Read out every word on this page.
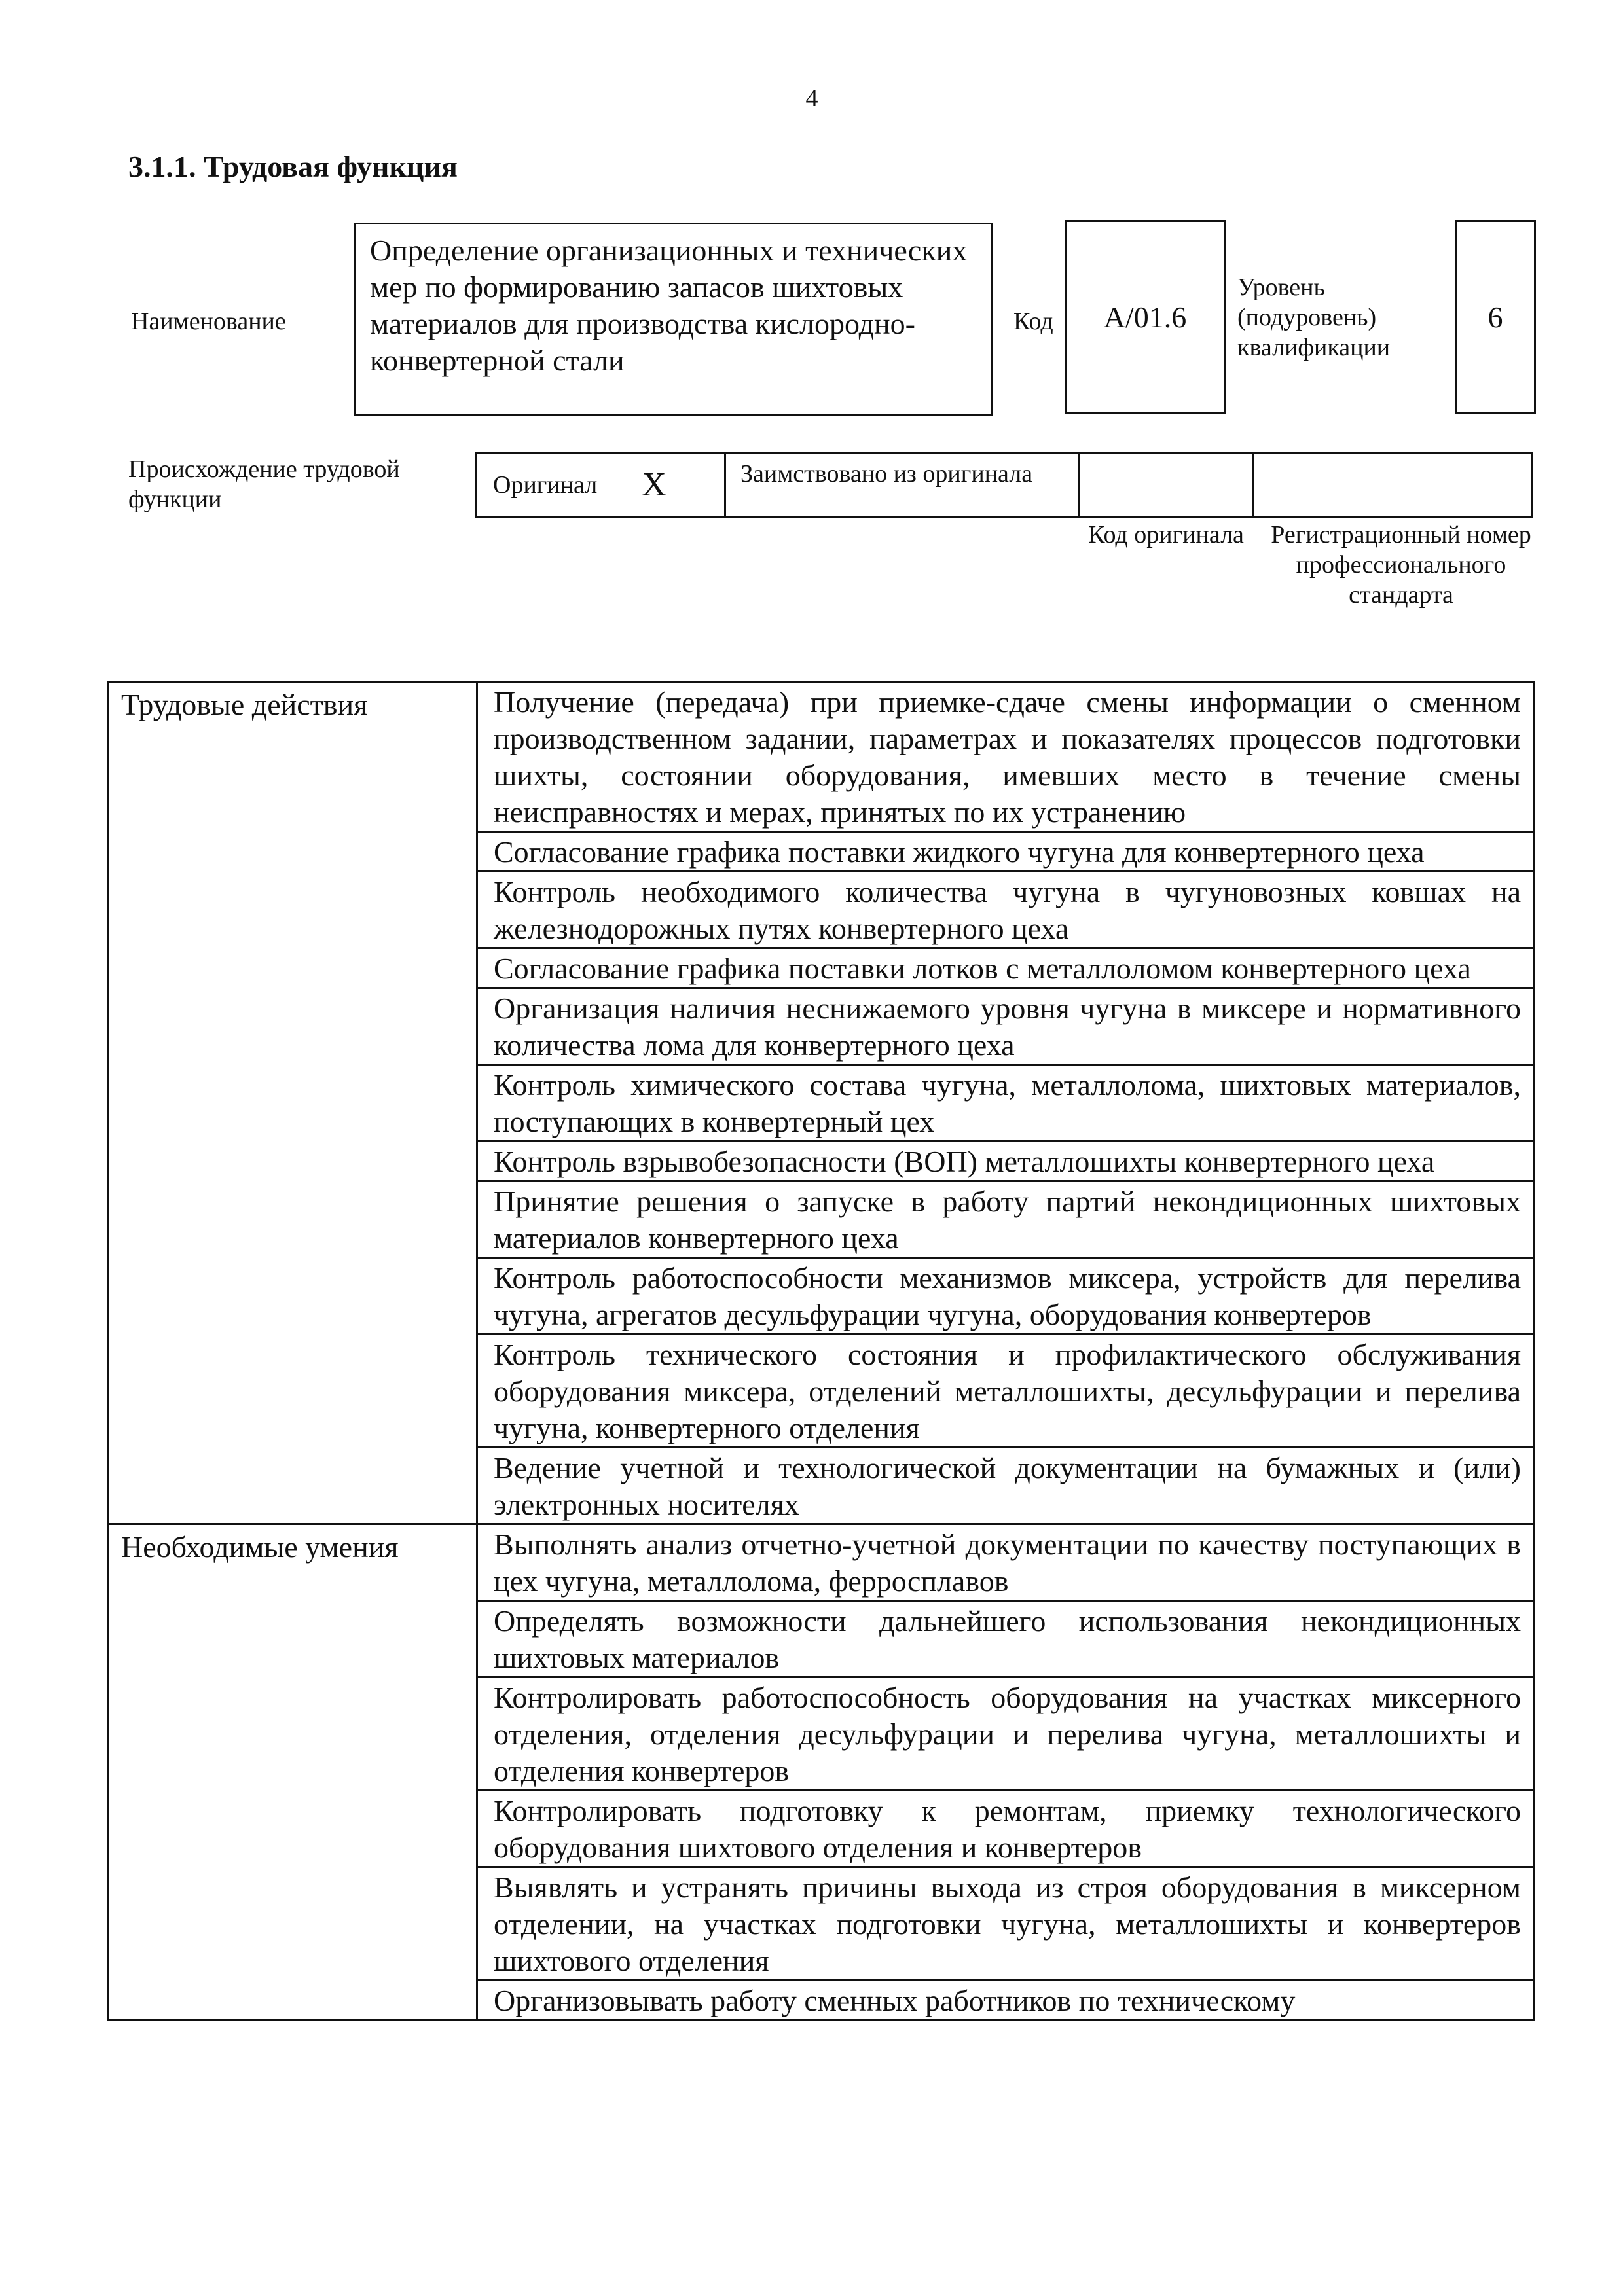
4
3.1.1. Трудовая функция
Наименование
Определение организационных и технических мер по формированию запасов шихтовых материалов для производства кислородно-конвертерной стали
Код	А/01.6
Уровень (подуровень) квалификации
6
Происхождение трудовой функции
Оригинал X	Заимствовано из оригинала
Код оригинала	Регистрационный номер профессионального стандарта
Трудовые действия	Получение (передача) при приемке-сдаче смены информации о сменном производственном задании, параметрах и показателях процессов подготовки шихты, состоянии оборудования, имевших место в течение смены неисправностях и мерах, принятых по их устранению
	Согласование графика поставки жидкого чугуна для конвертерного цеха
	Контроль необходимого количества чугуна в чугуновозных ковшах на железнодорожных путях конвертерного цеха
	Согласование графика поставки лотков с металлоломом конвертерного цеха
	Организация наличия неснижаемого уровня чугуна в миксере и нормативного количества лома для конвертерного цеха
	Контроль химического состава чугуна, металлолома, шихтовых материалов, поступающих в конвертерный цех
	Контроль взрывобезопасности (ВОП) металлошихты конвертерного цеха
	Принятие решения о запуске в работу партий некондиционных шихтовых материалов конвертерного цеха
	Контроль работоспособности механизмов миксера, устройств для перелива чугуна, агрегатов десульфурации чугуна, оборудования конвертеров
	Контроль технического состояния и профилактического обслуживания оборудования миксера, отделений металлошихты, десульфурации и перелива чугуна, конвертерного отделения
	Ведение учетной и технологической документации на бумажных и (или) электронных носителях
Необходимые умения	Выполнять анализ отчетно-учетной документации по качеству поступающих в цех чугуна, металлолома, ферросплавов
	Определять возможности дальнейшего использования некондиционных шихтовых материалов
	Контролировать работоспособность оборудования на участках миксерного отделения, отделения десульфурации и перелива чугуна, металлошихты и отделения конвертеров
	Контролировать подготовку к ремонтам, приемку технологического оборудования шихтового отделения и конвертеров
	Выявлять и устранять причины выхода из строя оборудования в миксерном отделении, на участках подготовки чугуна, металлошихты и конвертеров шихтового отделения
	Организовывать работу сменных работников по техническому
